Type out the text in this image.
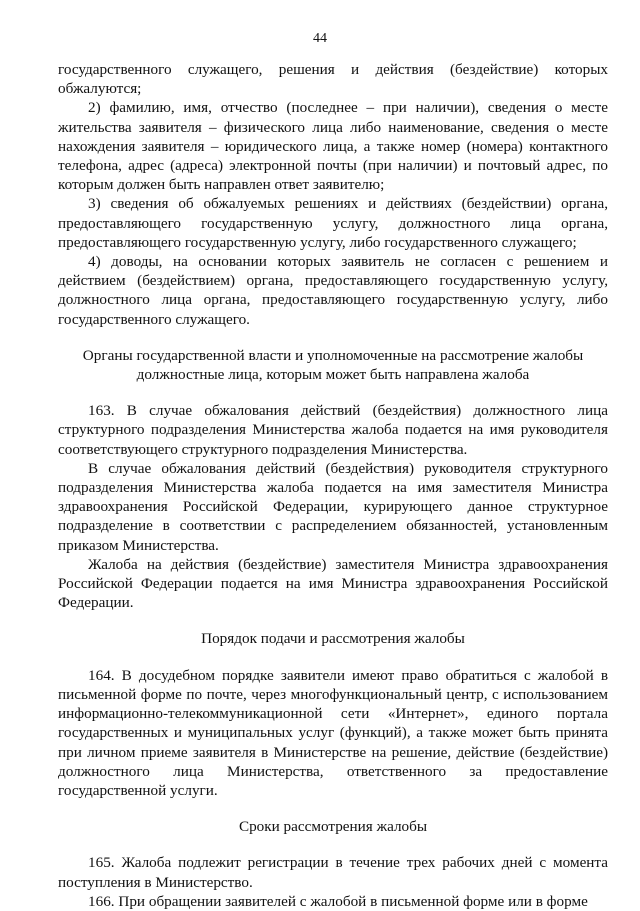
44

государственного служащего, решения и действия (бездействие) которых обжалуются;

2) фамилию, имя, отчество (последнее – при наличии), сведения о месте жительства заявителя – физического лица либо наименование, сведения о месте нахождения заявителя – юридического лица, а также номер (номера) контактного телефона, адрес (адреса) электронной почты (при наличии) и почтовый адрес, по которым должен быть направлен ответ заявителю;

3) сведения об обжалуемых решениях и действиях (бездействии) органа, предоставляющего государственную услугу, должностного лица органа, предоставляющего государственную услугу, либо государственного служащего;

4) доводы, на основании которых заявитель не согласен с решением и действием (бездействием) органа, предоставляющего государственную услугу, должностного лица органа, предоставляющего государственную услугу, либо государственного служащего.

Органы государственной власти и уполномоченные на рассмотрение жалобы
должностные лица, которым может быть направлена жалоба

163. В случае обжалования действий (бездействия) должностного лица структурного подразделения Министерства жалоба подается на имя руководителя соответствующего структурного подразделения Министерства.

В случае обжалования действий (бездействия) руководителя структурного подразделения Министерства жалоба подается на имя заместителя Министра здравоохранения Российской Федерации, курирующего данное структурное подразделение в соответствии с распределением обязанностей, установленным приказом Министерства.

Жалоба на действия (бездействие) заместителя Министра здравоохранения Российской Федерации подается на имя Министра здравоохранения Российской Федерации.

Порядок подачи и рассмотрения жалобы

164. В досудебном порядке заявители имеют право обратиться с жалобой в письменной форме по почте, через многофункциональный центр, с использованием информационно-телекоммуникационной сети «Интернет», единого портала государственных и муниципальных услуг (функций), а также может быть принята при личном приеме заявителя в Министерстве на решение, действие (бездействие) должностного лица Министерства, ответственного за предоставление государственной услуги.

Сроки рассмотрения жалобы

165. Жалоба подлежит регистрации в течение трех рабочих дней с момента поступления в Министерство.

166. При обращении заявителей с жалобой в письменной форме или в форме
